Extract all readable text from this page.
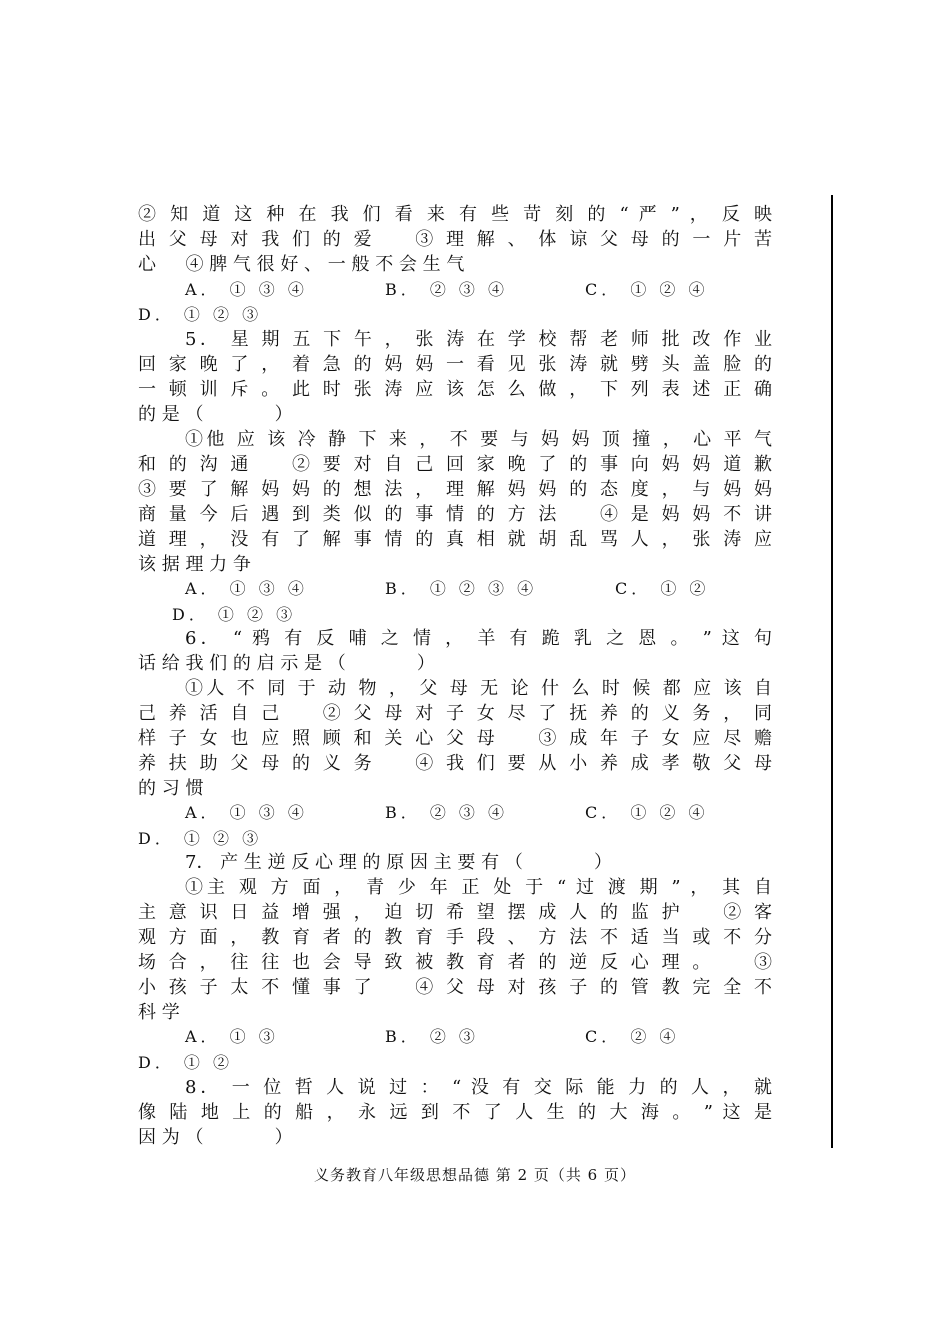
② 知 道 这 种 在 我 们 看 来 有 些 苛 刻 的 “ 严 ” ， 反 映
出 父 母 对 我 们 的 爱 　 ③ 理 解 、 体 谅 父 母 的 一 片 苦
心 　 ④ 脾 气 很 好 、 一 般 不 会 生 气
A． ① ③ ④	B． ② ③ ④	C． ① ② ④
D． ① ② ③
5． 星 期 五 下 午 ， 张 涛 在 学 校 帮 老 师 批 改 作 业
回 家 晚 了 ， 着 急 的 妈 妈 一 看 见 张 涛 就 劈 头 盖 脸 的
一 顿 训 斥 。 此 时 张 涛 应 该 怎 么 做 ， 下 列 表 述 正 确
的 是 （　 　 　 ）
①他 应 该 冷 静 下 来 ， 不 要 与 妈 妈 顶 撞 ， 心 平 气
和 的 沟 通 　 ② 要 对 自 己 回 家 晚 了 的 事 向 妈 妈 道 歉
③ 要 了 解 妈 妈 的 想 法 ， 理 解 妈 妈 的 态 度 ， 与 妈 妈
商 量 今 后 遇 到 类 似 的 事 情 的 方 法 　 ④ 是 妈 妈 不 讲
道 理 ， 没 有 了 解 事 情 的 真 相 就 胡 乱 骂 人 ， 张 涛 应
该 据 理 力 争
A． ① ③ ④	B． ① ② ③ ④	C． ① ②
D． ① ② ③
6． “ 鸦 有 反 哺 之 情 ， 羊 有 跪 乳 之 恩 。 ” 这 句
话 给 我 们 的 启 示 是 （　 　 　 ）
①人 不 同 于 动 物 ， 父 母 无 论 什 么 时 候 都 应 该 自
己 养 活 自 己 　 ② 父 母 对 子 女 尽 了 抚 养 的 义 务 ， 同
样 子 女 也 应 照 顾 和 关 心 父 母 　 ③ 成 年 子 女 应 尽 赡
养 扶 助 父 母 的 义 务 　 ④ 我 们 要 从 小 养 成 孝 敬 父 母
的 习 惯
A． ① ③ ④	B． ② ③ ④	C． ① ② ④
D． ① ② ③
7． 产 生 逆 反 心 理 的 原 因 主 要 有 （　 　 　 ）
①主 观 方 面 ， 青 少 年 正 处 于 “ 过 渡 期 ” ， 其 自
主 意 识 日 益 增 强 ， 迫 切 希 望 摆 成 人 的 监 护 　 ② 客
观 方 面 ， 教 育 者 的 教 育 手 段 、 方 法 不 适 当 或 不 分
场 合 ， 往 往 也 会 导 致 被 教 育 者 的 逆 反 心 理 。 　 ③
小 孩 子 太 不 懂 事 了 　 ④ 父 母 对 孩 子 的 管 教 完 全 不
科 学
A． ① ③	B． ② ③	C． ② ④
D． ① ②
8． 一 位 哲 人 说 过 ： “ 没 有 交 际 能 力 的 人 ， 就
像 陆 地 上 的 船 ， 永 远 到 不 了 人 生 的 大 海 。 ” 这 是
因 为 （　 　 　 ）
义务教育八年级思想品德 第 2 页（共 6 页）
